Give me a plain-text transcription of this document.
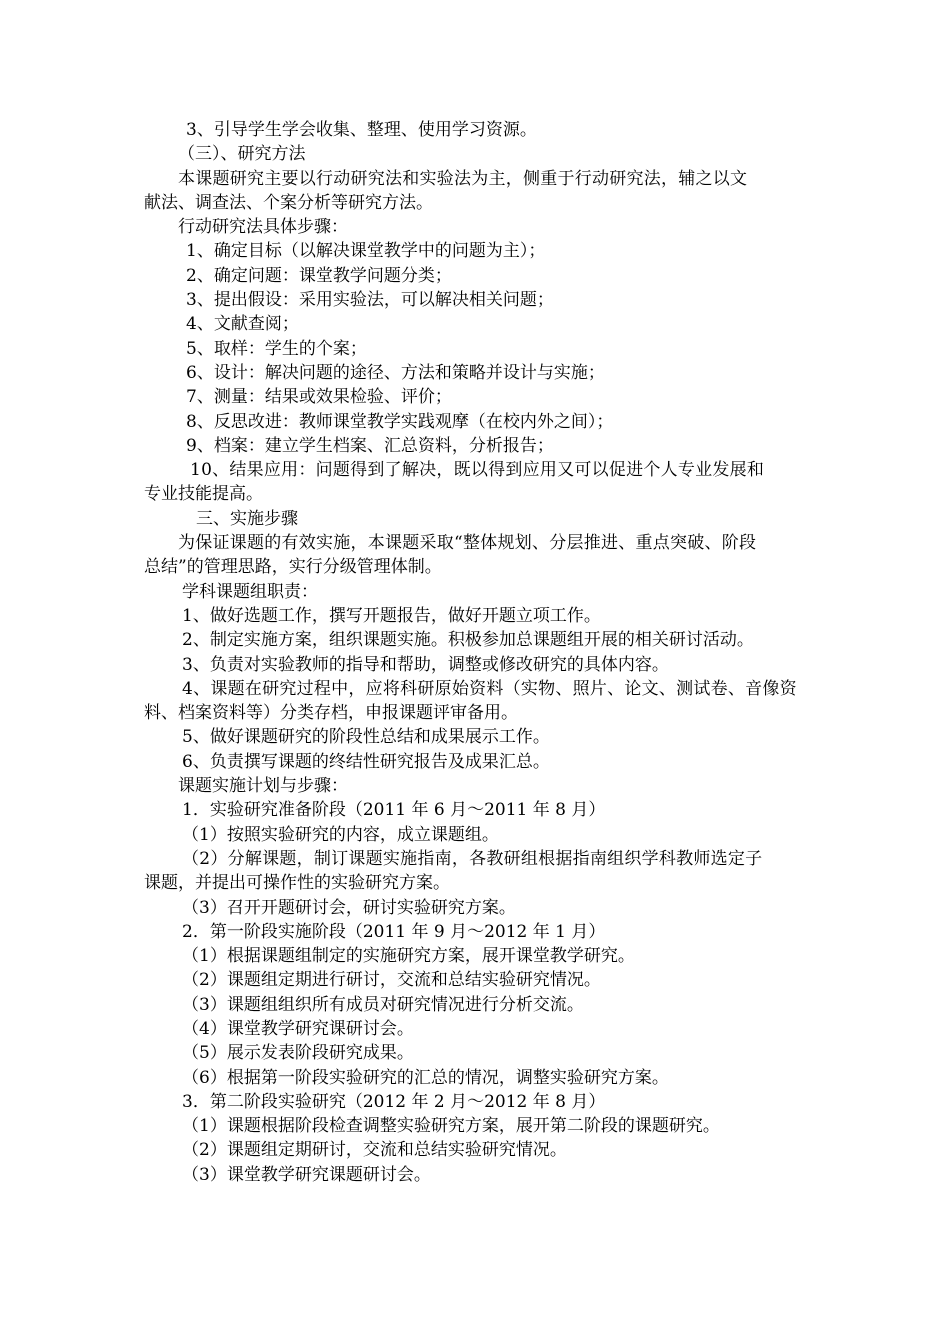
3、引导学生学会收集、整理、使用学习资源。
（三）、研究方法
本课题研究主要以行动研究法和实验法为主，侧重于行动研究法，辅之以文
献法、调查法、个案分析等研究方法。
行动研究法具体步骤：
1、确定目标（以解决课堂教学中的问题为主）；
2、确定问题：课堂教学问题分类；
3、提出假设：采用实验法，可以解决相关问题；
4、文献查阅；
5、取样：学生的个案；
6、设计：解决问题的途径、方法和策略并设计与实施；
7、测量：结果或效果检验、评价；
8、反思改进：教师课堂教学实践观摩（在校内外之间）；
9、档案：建立学生档案、汇总资料，分析报告；
10、结果应用：问题得到了解决，既以得到应用又可以促进个人专业发展和
专业技能提高。
三、实施步骤
为保证课题的有效实施，本课题采取“整体规划、分层推进、重点突破、阶段
总结”的管理思路，实行分级管理体制。
学科课题组职责：
1、做好选题工作，撰写开题报告，做好开题立项工作。
2、制定实施方案，组织课题实施。积极参加总课题组开展的相关研讨活动。
3、负责对实验教师的指导和帮助，调整或修改研究的具体内容。
4、课题在研究过程中，应将科研原始资料（实物、照片、论文、测试卷、音像资
料、档案资料等）分类存档，申报课题评审备用。
5、做好课题研究的阶段性总结和成果展示工作。
6、负责撰写课题的终结性研究报告及成果汇总。
课题实施计划与步骤：
1．实验研究准备阶段（2011 年 6 月～2011 年 8 月）
（1）按照实验研究的内容，成立课题组。
（2）分解课题，制订课题实施指南，各教研组根据指南组织学科教师选定子
课题，并提出可操作性的实验研究方案。
（3）召开开题研讨会，研讨实验研究方案。
2．第一阶段实施阶段（2011 年 9 月～2012 年 1 月）
（1）根据课题组制定的实施研究方案，展开课堂教学研究。
（2）课题组定期进行研讨，交流和总结实验研究情况。
（3）课题组组织所有成员对研究情况进行分析交流。
（4）课堂教学研究课研讨会。
（5）展示发表阶段研究成果。
（6）根据第一阶段实验研究的汇总的情况，调整实验研究方案。
3．第二阶段实验研究（2012 年 2 月～2012 年 8 月）
（1）课题根据阶段检查调整实验研究方案，展开第二阶段的课题研究。
（2）课题组定期研讨，交流和总结实验研究情况。
（3）课堂教学研究课题研讨会。
